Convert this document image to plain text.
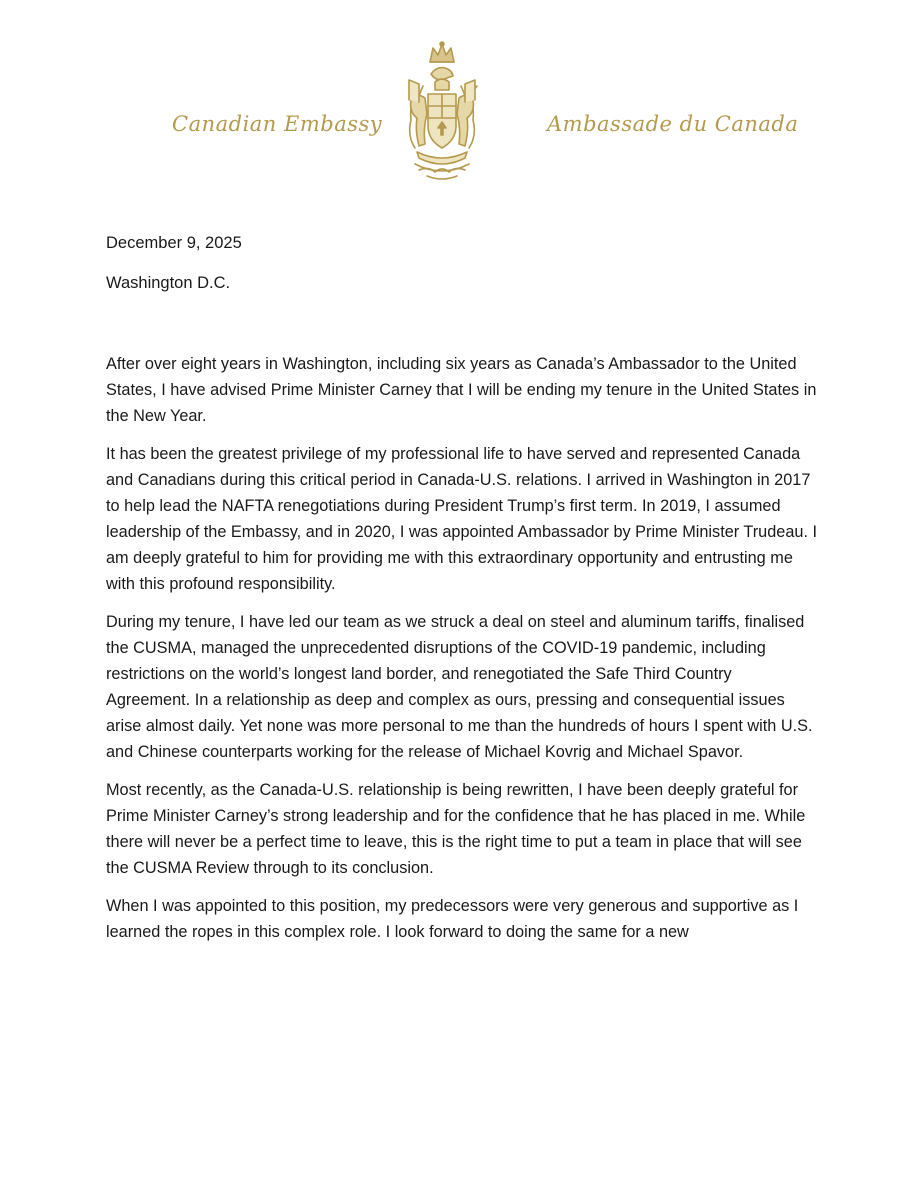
Canadian Embassy	Ambassade du Canada
December 9, 2025
Washington D.C.

After over eight years in Washington, including six years as Canada’s Ambassador to the United States, I have advised Prime Minister Carney that I will be ending my tenure in the United States in the New Year.

It has been the greatest privilege of my professional life to have served and represented Canada and Canadians during this critical period in Canada-U.S. relations. I arrived in Washington in 2017 to help lead the NAFTA renegotiations during President Trump’s first term. In 2019, I assumed leadership of the Embassy, and in 2020, I was appointed Ambassador by Prime Minister Trudeau. I am deeply grateful to him for providing me with this extraordinary opportunity and entrusting me with this profound responsibility.

During my tenure, I have led our team as we struck a deal on steel and aluminum tariffs, finalised the CUSMA, managed the unprecedented disruptions of the COVID-19 pandemic, including restrictions on the world’s longest land border, and renegotiated the Safe Third Country Agreement. In a relationship as deep and complex as ours, pressing and consequential issues arise almost daily. Yet none was more personal to me than the hundreds of hours I spent with U.S. and Chinese counterparts working for the release of Michael Kovrig and Michael Spavor.

Most recently, as the Canada-U.S. relationship is being rewritten, I have been deeply grateful for Prime Minister Carney’s strong leadership and for the confidence that he has placed in me. While there will never be a perfect time to leave, this is the right time to put a team in place that will see the CUSMA Review through to its conclusion.

When I was appointed to this position, my predecessors were very generous and supportive as I learned the ropes in this complex role. I look forward to doing the same for a new
